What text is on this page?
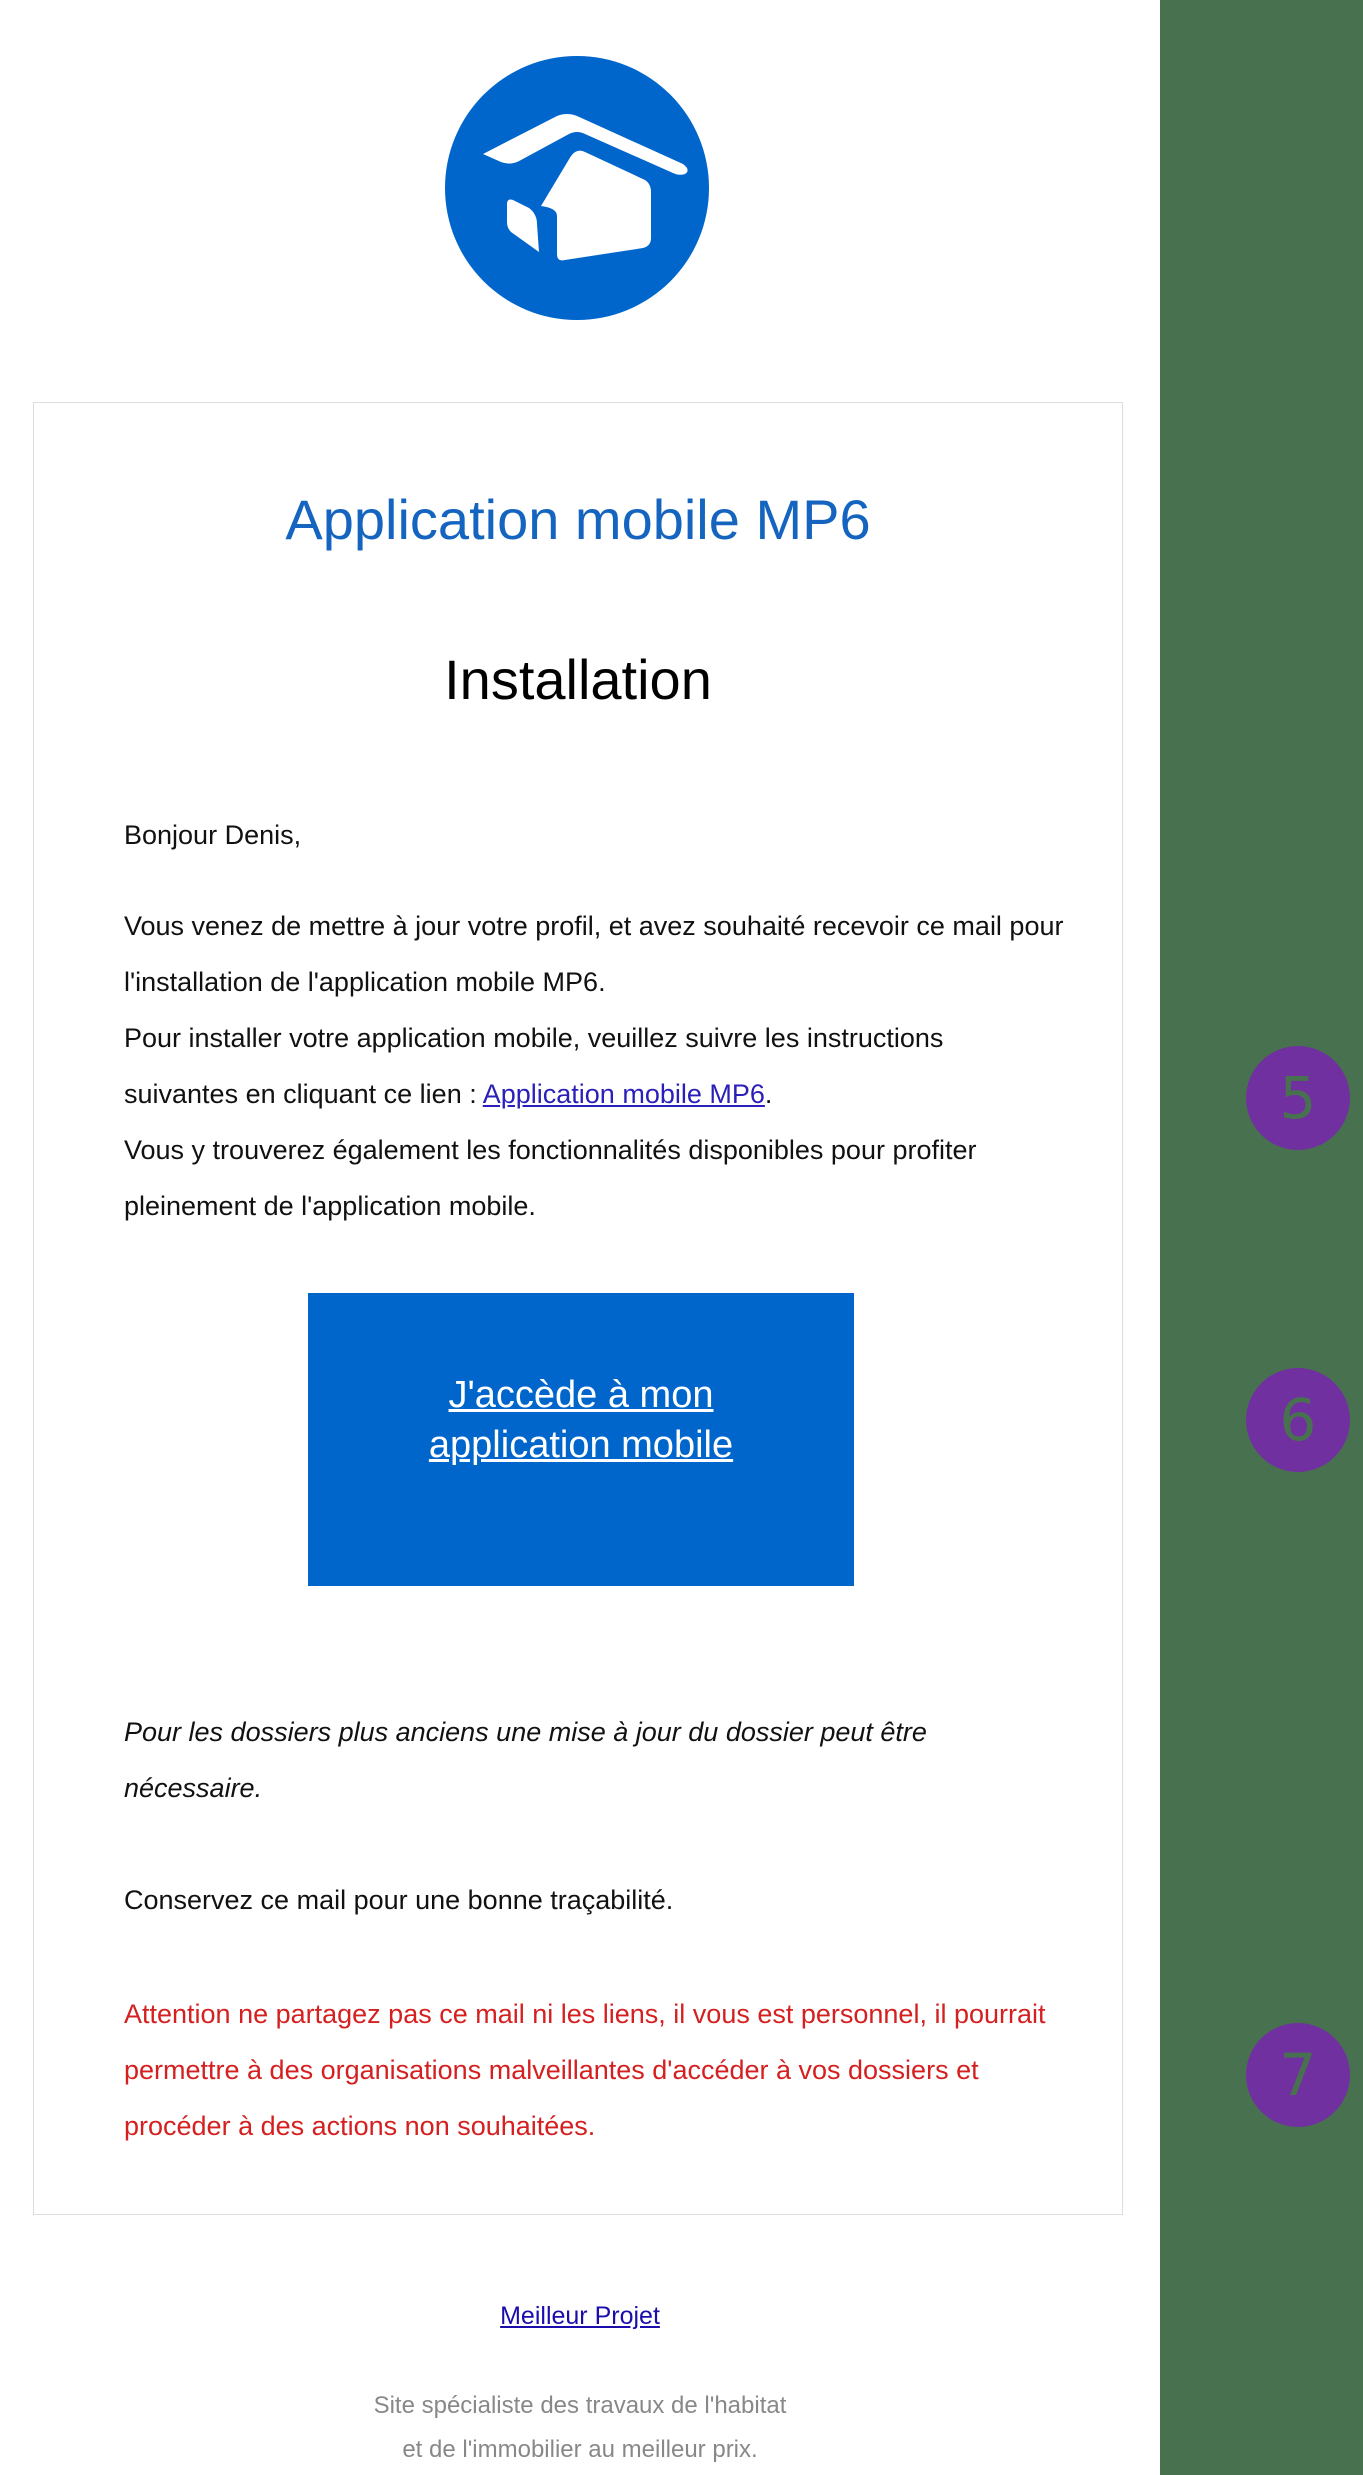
Application mobile MP6
Installation

Bonjour Denis,

Vous venez de mettre à jour votre profil, et avez souhaité recevoir ce mail pour l'installation de l'application mobile MP6.

Pour installer votre application mobile, veuillez suivre les instructions suivantes en cliquant ce lien : Application mobile MP6.

Vous y trouverez également les fonctionnalités disponibles pour profiter pleinement de l'application mobile.

J'accède à mon application mobile

Pour les dossiers plus anciens une mise à jour du dossier peut être nécessaire.

Conservez ce mail pour une bonne traçabilité.

Attention ne partagez pas ce mail ni les liens, il vous est personnel, il pourrait permettre à des organisations malveillantes d'accéder à vos dossiers et procéder à des actions non souhaitées.

Meilleur Projet
Site spécialiste des travaux de l'habitat
et de l'immobilier au meilleur prix.
5
6
7
